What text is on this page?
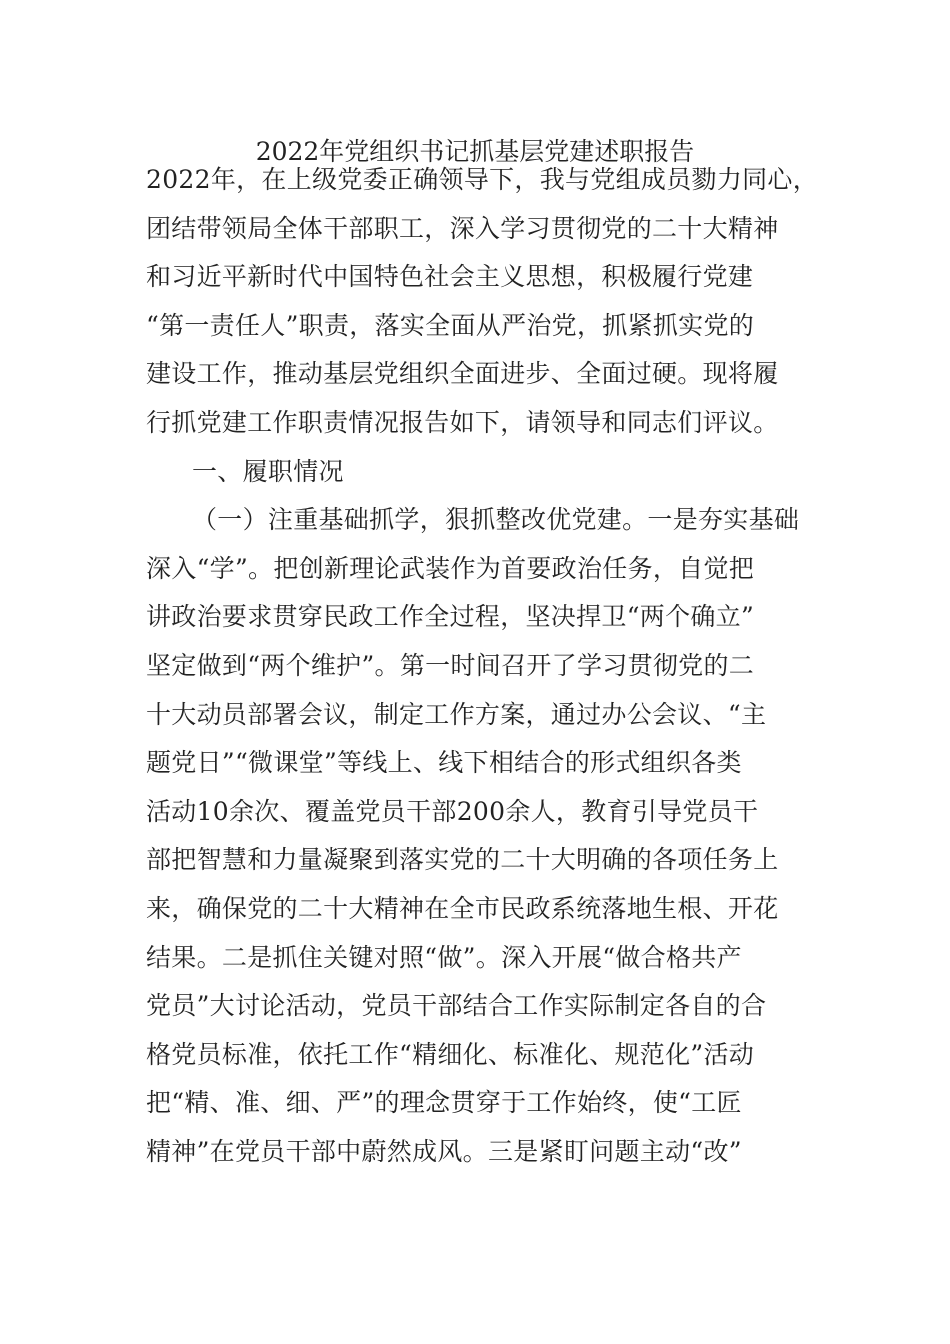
2022年党组织书记抓基层党建述职报告
2022年，在上级党委正确领导下，我与党组成员勠力同心，
团结带领局全体干部职工，深入学习贯彻党的二十大精神
和习近平新时代中国特色社会主义思想，积极履行党建
“第一责任人”职责，落实全面从严治党，抓紧抓实党的
建设工作，推动基层党组织全面进步、全面过硬。现将履
行抓党建工作职责情况报告如下，请领导和同志们评议。
一、履职情况
（一）注重基础抓学，狠抓整改优党建。一是夯实基础
深入“学”。把创新理论武装作为首要政治任务，自觉把
讲政治要求贯穿民政工作全过程，坚决捍卫“两个确立”
坚定做到“两个维护”。第一时间召开了学习贯彻党的二
十大动员部署会议，制定工作方案，通过办公会议、“主
题党日”“微课堂”等线上、线下相结合的形式组织各类
活动10余次、覆盖党员干部200余人，教育引导党员干
部把智慧和力量凝聚到落实党的二十大明确的各项任务上
来，确保党的二十大精神在全市民政系统落地生根、开花
结果。二是抓住关键对照“做”。深入开展“做合格共产
党员”大讨论活动，党员干部结合工作实际制定各自的合
格党员标准，依托工作“精细化、标准化、规范化”活动
把“精、准、细、严”的理念贯穿于工作始终，使“工匠
精神”在党员干部中蔚然成风。三是紧盯问题主动“改”
